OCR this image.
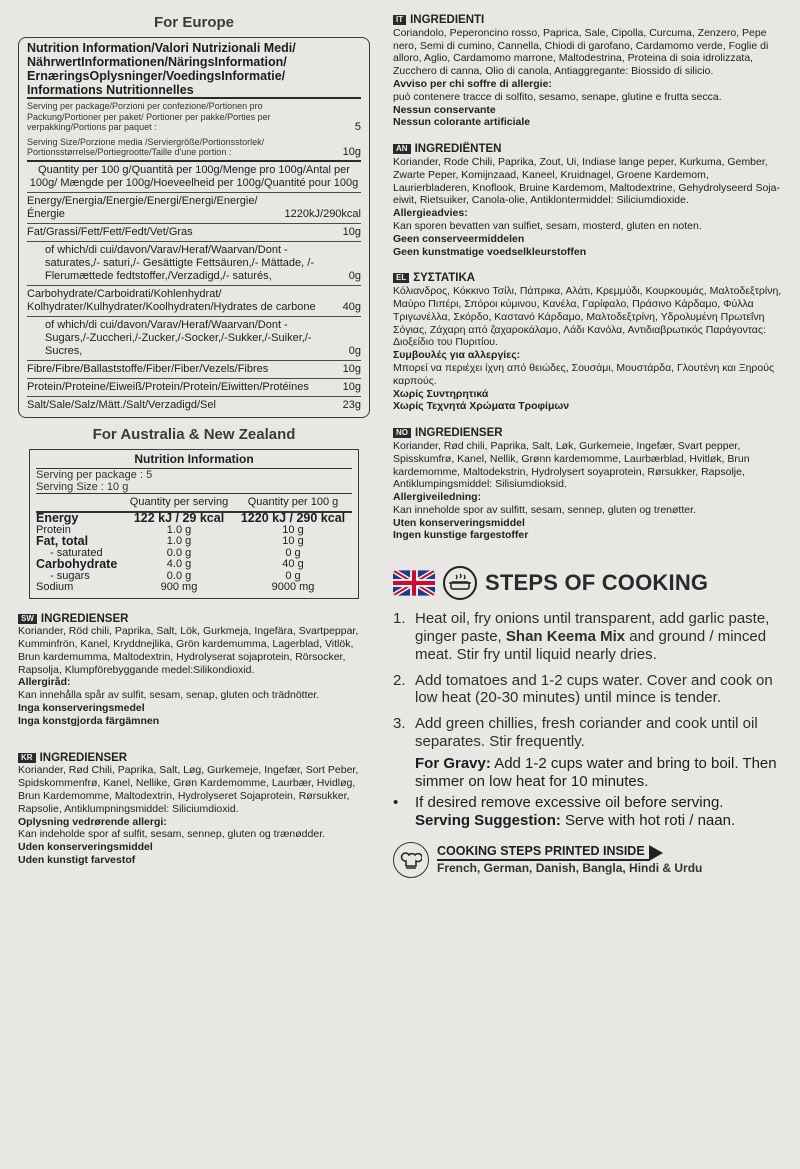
For Europe
Nutrition Information/Valori Nutrizionali Medi/
NährwertInformationen/NäringsInformation/
ErnæringsOplysninger/VoedingsInformatie/
Informations Nutritionnelles
Serving per package/Porzioni per confezione/Portionen pro Packung/Portioner per paket/ Portioner per pakke/Porties per verpakking/Portions par paquet :	5
Serving Size/Porzione media /Serviergröße/Portionsstorlek/ Portionsstørrelse/Portiegrootte/Taille d'une portion :	10g
Quantity per 100 g/Quantità per 100g/Menge pro 100g/Antal per 100g/ Mængde per 100g/Hoeveelheid per 100g/Quantité pour 100g
Energy/Energia/Energie/Energi/Energi/Energie/Énergie	1220kJ/290kcal
Fat/Grassi/Fett/Fett/Fedt/Vet/Gras	10g
of which/di cui/davon/Varav/Heraf/Waarvan/Dont -saturates,/- saturi,/- Gesättigte Fettsäuren,/- Mättade, /-Flerumættede fedtstoffer,/Verzadigd,/- saturés,	0g
Carbohydrate/Carboidrati/Kohlenhydrat/ Kolhydrater/Kulhydrater/Koolhydraten/Hydrates de carbone	40g
of which/di cui/davon/Varav/Heraf/Waarvan/Dont -Sugars,/-Zuccheri,/-Zucker,/-Socker,/-Sukker,/-Suiker,/-Sucres,	0g
Fibre/Fibre/Ballaststoffe/Fiber/Fiber/Vezels/Fibres	10g
Protein/Proteine/Eiweiß/Protein/Protein/Eiwitten/Protéines	10g
Salt/Sale/Salz/Mätt./Salt/Verzadigd/Sel	23g
For Australia & New Zealand
Nutrition Information
Serving per package : 5
Serving Size : 10 g
Quantity per serving	Quantity per 100 g
Energy	122 kJ / 29 kcal	1220 kJ / 290 kcal
Protein	1.0 g	10 g
Fat, total	1.0 g	10 g
- saturated	0.0 g	0 g
Carbohydrate	4.0 g	40 g
- sugars	0.0 g	0 g
Sodium	900 mg	9000 mg

SW INGREDIENSER

Koriander, Röd chili, Paprika, Salt, Lök, Gurkmeja, Ingefära, Svartpeppar, Kumminfrön, Kanel, Kryddnejlika, Grön kardemumma, Lagerblad, Vitlök, Brun kardemumma, Maltodextrin, Hydrolyserat sojaprotein, Rörsocker, Rapsolja, Klumpförebyggande medel:Silikondioxid.

Allergiråd:

Kan innehålla spår av sulfit, sesam, senap, gluten och trädnötter.

Inga konserveringsmedel

Inga konstgjorda färgämnen

KR INGREDIENSER

Koriander, Rød Chili, Paprika, Salt, Løg, Gurkemeje, Ingefær, Sort Peber, Spidskommenfrø, Kanel, Nellike, Grøn Kardemomme, Laurbær, Hvidløg, Brun Kardemomme, Maltodextrin, Hydrolyseret Sojaprotein, Rørsukker, Rapsolie, Antiklumpningsmiddel: Siliciumdioxid.

Oplysning vedrørende allergi:

Kan indeholde spor af sulfit, sesam, sennep, gluten og trænødder.

Uden konserveringsmiddel

Uden kunstigt farvestof

IT INGREDIENTI

Coriandolo, Peperoncino rosso, Paprica, Sale, Cipolla, Curcuma, Zenzero, Pepe nero, Semi di cumino, Cannella, Chiodi di garofano, Cardamomo verde, Foglie di alloro, Aglio, Cardamomo marrone, Maltodestrina, Proteina di soia idrolizzata, Zucchero di canna, Olio di canola, Antiaggregante: Biossido di silicio.

Avviso per chi soffre di allergie:

può contenere tracce di solfito, sesamo, senape, glutine e frutta secca.

Nessun conservante

Nessun colorante artificiale

AN INGREDIËNTEN

Koriander, Rode Chili, Paprika, Zout, Ui, Indiase lange peper, Kurkuma, Gember, Zwarte Peper, Komijnzaad, Kaneel, Kruidnagel, Groene Kardemom, Laurierbladeren, Knoflook, Bruine Kardemom, Maltodextrine, Gehydrolyseerd Soja-eiwit, Rietsuiker, Canola-olie, Antiklontermiddel: Siliciumdioxide.

Allergieadvies:

Kan sporen bevatten van sulfiet, sesam, mosterd, gluten en noten.

Geen conserveermiddelen

Geen kunstmatige voedselkleurstoffen

EL ΣΥΣΤΑΤΙΚΑ

Κόλιανδρος, Κόκκινο Τσίλι, Πάπρικα, Αλάτι, Κρεμμύδι, Κουρκουμάς, Μαλτοδεξτρίνη, Μαύρο Πιπέρι, Σπόροι κύμινου, Κανέλα, Γαρίφαλο, Πράσινο Κάρδαμο, Φύλλα Τριγωνέλλα, Σκόρδο, Καστανό Κάρδαμο, Μαλτοδεξτρίνη, Υδρολυμένη Πρωτεΐνη Σόγιας, Ζάχαρη από ζαχαροκάλαμο, Λάδι Κανόλα, Αντιδιαβρωτικός Παράγοντας: Διοξείδιο του Πυριτίου.

Συμβουλές για αλλεργίες:

Μπορεί να περιέχει ίχνη από θειώδες, Σουσάμι, Μουστάρδα, Γλουτένη και Ξηρούς καρπούς.

Χωρίς Συντηρητικά

Χωρίς Τεχνητά Χρώματα Τροφίμων

NO INGREDIENSER

Koriander, Rød chili, Paprika, Salt, Løk, Gurkemeie, Ingefær, Svart pepper, Spisskumfrø, Kanel, Nellik, Grønn kardemomme, Laurbærblad, Hvitløk, Brun kardemomme, Maltodekstrin, Hydrolysert soyaprotein, Rørsukker, Rapsolje, Antiklumpingsmiddel: Silisiumdioksid.

Allergiveiledning:

Kan inneholde spor av sulfitt, sesam, sennep, gluten og trenøtter.

Uten konserveringsmiddel

Ingen kunstige fargestoffer

STEPS OF COOKING
1. Heat oil, fry onions until transparent, add garlic paste, ginger paste, Shan Keema Mix and ground / minced meat. Stir fry until liquid nearly dries.
2. Add tomatoes and 1-2 cups water. Cover and cook on low heat (20-30 minutes) until mince is tender.
3. Add green chillies, fresh coriander and cook until oil separates. Stir frequently.
For Gravy: Add 1-2 cups water and bring to boil. Then simmer on low heat for 10 minutes.
•	If desired remove excessive oil before serving.
Serving Suggestion: Serve with hot roti / naan.
COOKING STEPS PRINTED INSIDE
French, German, Danish, Bangla, Hindi & Urdu
